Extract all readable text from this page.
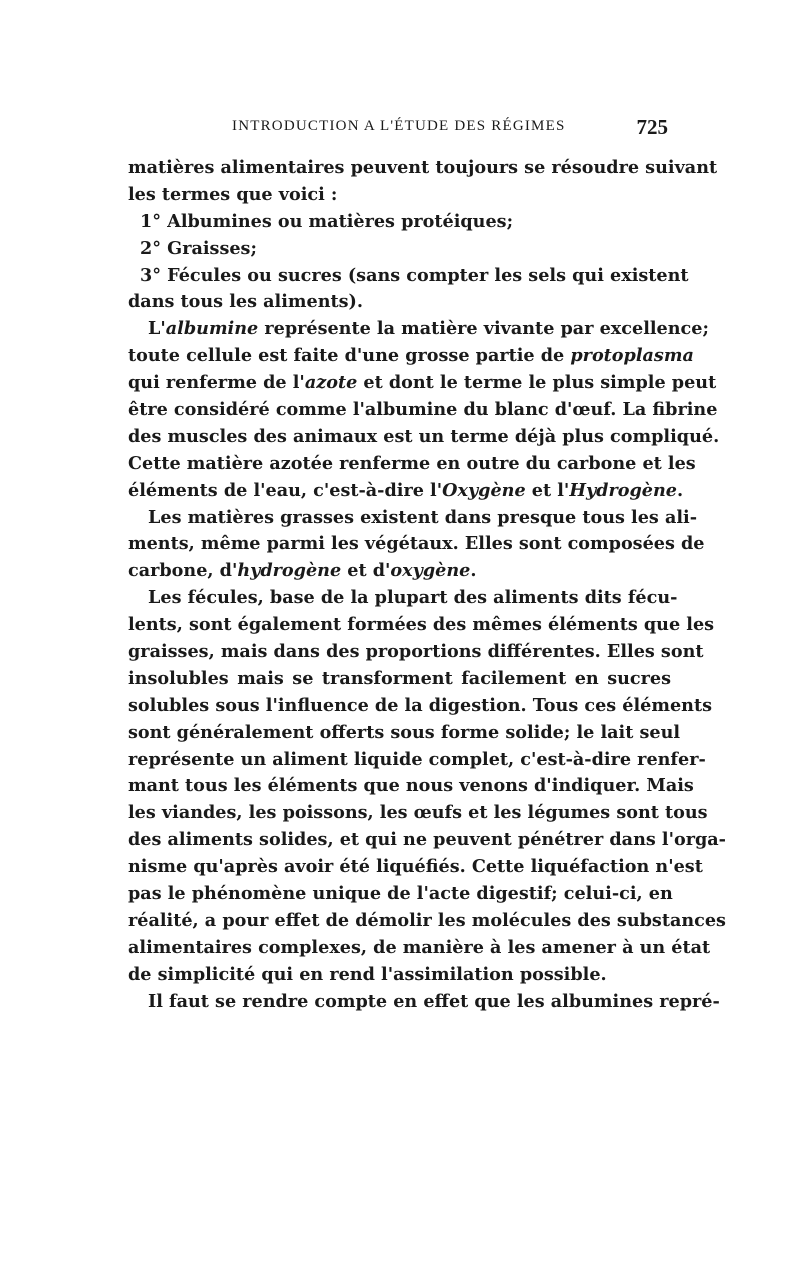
INTRODUCTION A L'ÉTUDE DES RÉGIMES	725
matières alimentaires peuvent toujours se résoudre suivant
les termes que voici :
1° Albumines ou matières protéiques;
2° Graisses;
3° Fécules ou sucres (sans compter les sels qui existent
dans tous les aliments).
L'albumine représente la matière vivante par excellence;
toute cellule est faite d'une grosse partie de protoplasma
qui renferme de l'azote et dont le terme le plus simple peut
être considéré comme l'albumine du blanc d'œuf. La fibrine
des muscles des animaux est un terme déjà plus compliqué.
Cette matière azotée renferme en outre du carbone et les
éléments de l'eau, c'est-à-dire l'Oxygène et l'Hydrogène.
Les matières grasses existent dans presque tous les ali-
ments, même parmi les végétaux. Elles sont composées de
carbone, d'hydrogène et d'oxygène.
Les fécules, base de la plupart des aliments dits fécu-
lents, sont également formées des mêmes éléments que les
graisses, mais dans des proportions différentes. Elles sont
insolubles mais se transforment facilement en sucres
solubles sous l'influence de la digestion. Tous ces éléments
sont généralement offerts sous forme solide; le lait seul
représente un aliment liquide complet, c'est-à-dire renfer-
mant tous les éléments que nous venons d'indiquer. Mais
les viandes, les poissons, les œufs et les légumes sont tous
des aliments solides, et qui ne peuvent pénétrer dans l'orga-
nisme qu'après avoir été liquéfiés. Cette liquéfaction n'est
pas le phénomène unique de l'acte digestif; celui-ci, en
réalité, a pour effet de démolir les molécules des substances
alimentaires complexes, de manière à les amener à un état
de simplicité qui en rend l'assimilation possible.
Il faut se rendre compte en effet que les albumines repré-
